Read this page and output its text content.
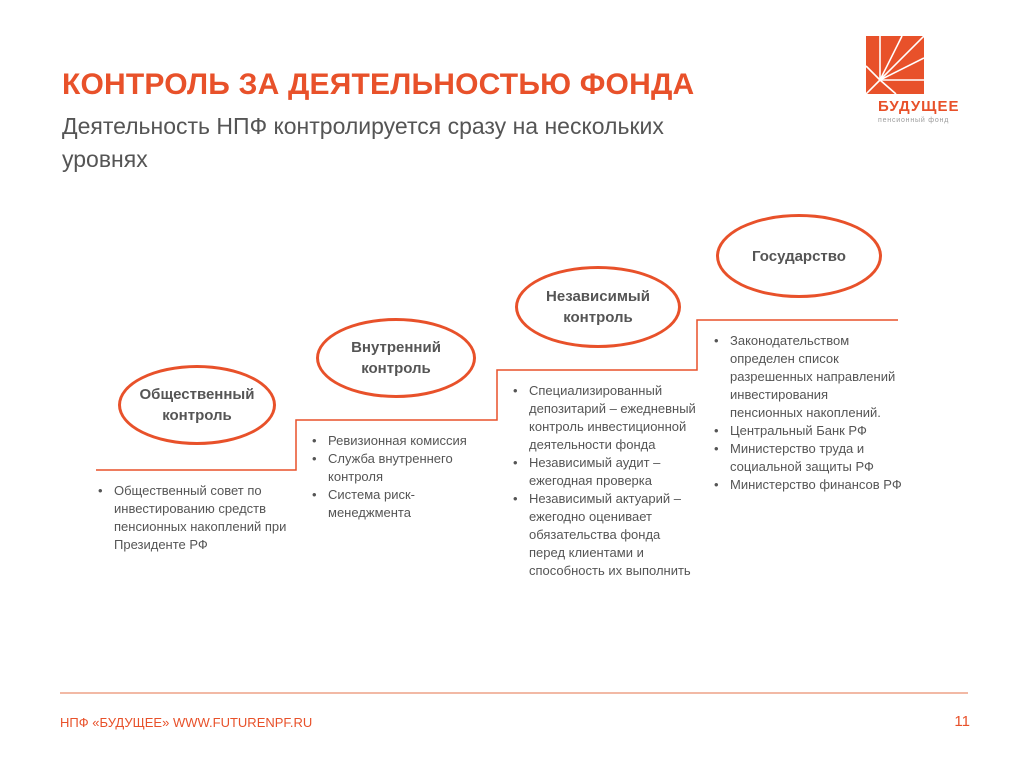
КОНТРОЛЬ ЗА ДЕЯТЕЛЬНОСТЬЮ ФОНДА
Деятельность НПФ контролируется сразу на нескольких уровнях
БУДУЩЕЕ
пенсионный фонд
Общественный
контроль
• Общественный совет по инвестированию средств пенсионных накоплений при Президенте РФ
Внутренний
контроль
• Ревизионная комиссия
• Служба внутреннего контроля
• Система риск-менеджмента
Независимый
контроль
• Специализированный депозитарий – ежедневный контроль инвестиционной деятельности фонда
• Независимый аудит – ежегодная проверка
• Независимый актуарий – ежегодно оценивает обязательства фонда перед клиентами и способность их выполнить
Государство
• Законодательством определен список разрешенных направлений инвестирования пенсионных накоплений.
• Центральный Банк РФ
• Министерство труда и социальной защиты РФ
• Министерство финансов РФ
НПФ «БУДУЩЕЕ» WWW.FUTURENPF.RU	11
